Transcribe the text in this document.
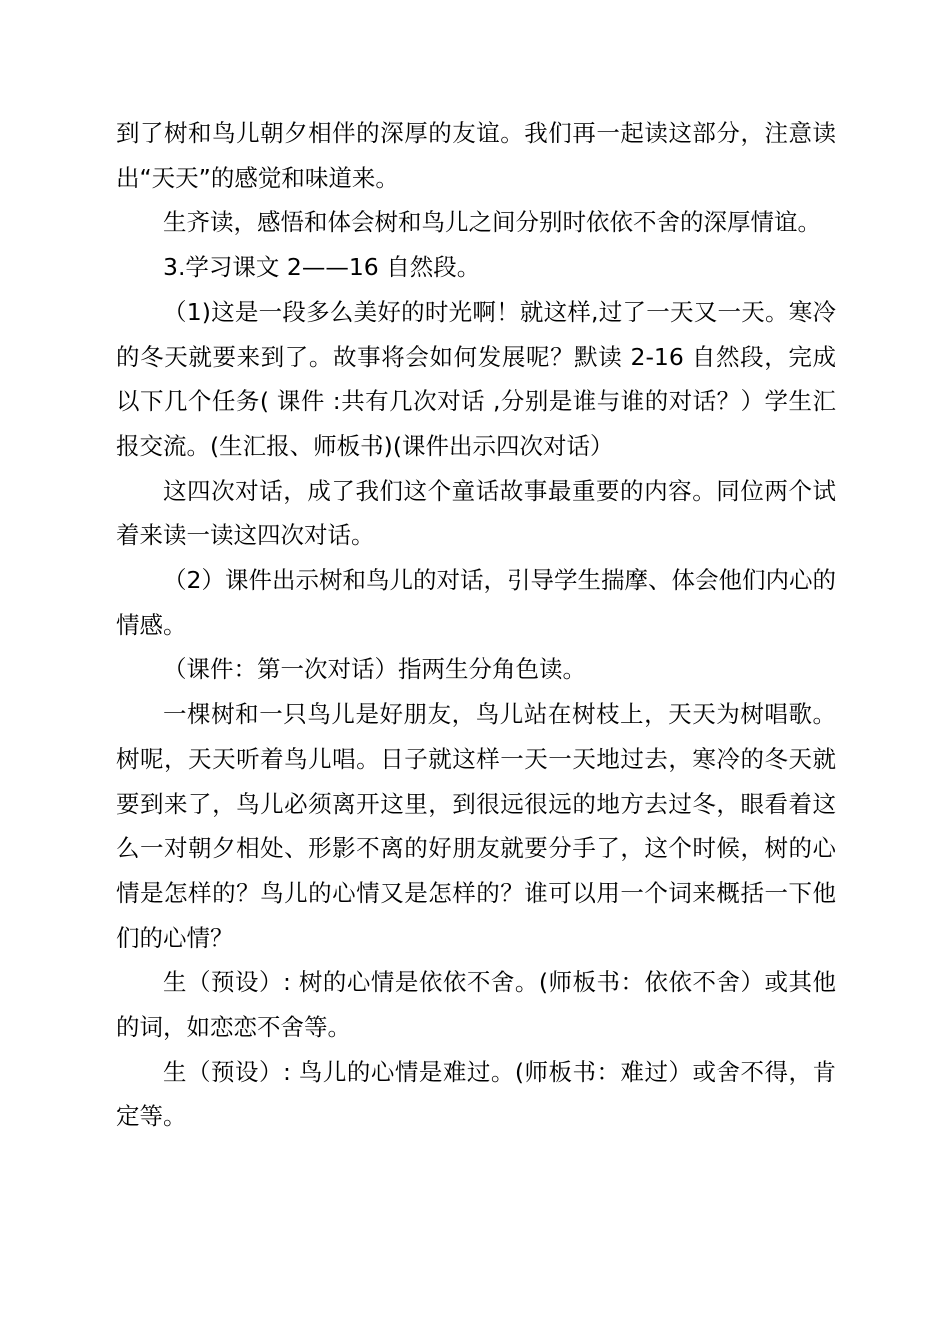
到了树和鸟儿朝夕相伴的深厚的友谊。我们再一起读这部分，注意读出“天天”的感觉和味道来。

生齐读，感悟和体会树和鸟儿之间分别时依依不舍的深厚情谊。

3.学习课文 2——16 自然段。

（1)这是一段多么美好的时光啊！就这样,过了一天又一天。寒冷的冬天就要来到了。故事将会如何发展呢？默读 2-16 自然段，完成以下几个任务( 课件 :共有几次对话 ,分别是谁与谁的对话？）学生汇报交流。(生汇报、师板书)(课件出示四次对话）

这四次对话，成了我们这个童话故事最重要的内容。同位两个试着来读一读这四次对话。

（2）课件出示树和鸟儿的对话，引导学生揣摩、体会他们内心的情感。

（课件：第一次对话）指两生分角色读。

一棵树和一只鸟儿是好朋友，鸟儿站在树枝上，天天为树唱歌。树呢，天天听着鸟儿唱。日子就这样一天一天地过去，寒冷的冬天就要到来了，鸟儿必须离开这里，到很远很远的地方去过冬，眼看着这么一对朝夕相处、形影不离的好朋友就要分手了，这个时候，树的心情是怎样的？鸟儿的心情又是怎样的？谁可以用一个词来概括一下他们的心情？

生（预设）: 树的心情是依依不舍。(师板书：依依不舍）或其他的词，如恋恋不舍等。

生（预设）: 鸟儿的心情是难过。(师板书：难过）或舍不得，肯定等。
